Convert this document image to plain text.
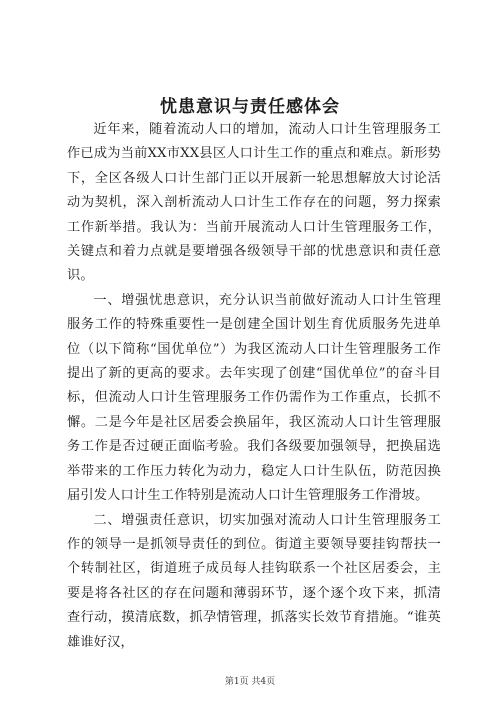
忧患意识与责任感体会

近年来，随着流动人口的增加，流动人口计生管理服务工作已成为当前XX市XX县区人口计生工作的重点和难点。新形势下，全区各级人口计生部门正以开展新一轮思想解放大讨论活动为契机，深入剖析流动人口计生工作存在的问题，努力探索工作新举措。我认为：当前开展流动人口计生管理服务工作，关键点和着力点就是要增强各级领导干部的忧患意识和责任意识。

一、增强忧患意识，充分认识当前做好流动人口计生管理服务工作的特殊重要性一是创建全国计划生育优质服务先进单位（以下简称“国优单位”）为我区流动人口计生管理服务工作提出了新的更高的要求。去年实现了创建“国优单位”的奋斗目标，但流动人口计生管理服务工作仍需作为工作重点，长抓不懈。二是今年是社区居委会换届年，我区流动人口计生管理服务工作是否过硬正面临考验。我们各级要加强领导，把换届选举带来的工作压力转化为动力，稳定人口计生队伍，防范因换届引发人口计生工作特别是流动人口计生管理服务工作滑坡。

二、增强责任意识，切实加强对流动人口计生管理服务工作的领导一是抓领导责任的到位。街道主要领导要挂钩帮扶一个转制社区，街道班子成员每人挂钩联系一个社区居委会，主要是将各社区的存在问题和薄弱环节，逐个逐个攻下来，抓清查行动，摸清底数，抓孕情管理，抓落实长效节育措施。“谁英雄谁好汉，

第1页 共4页
